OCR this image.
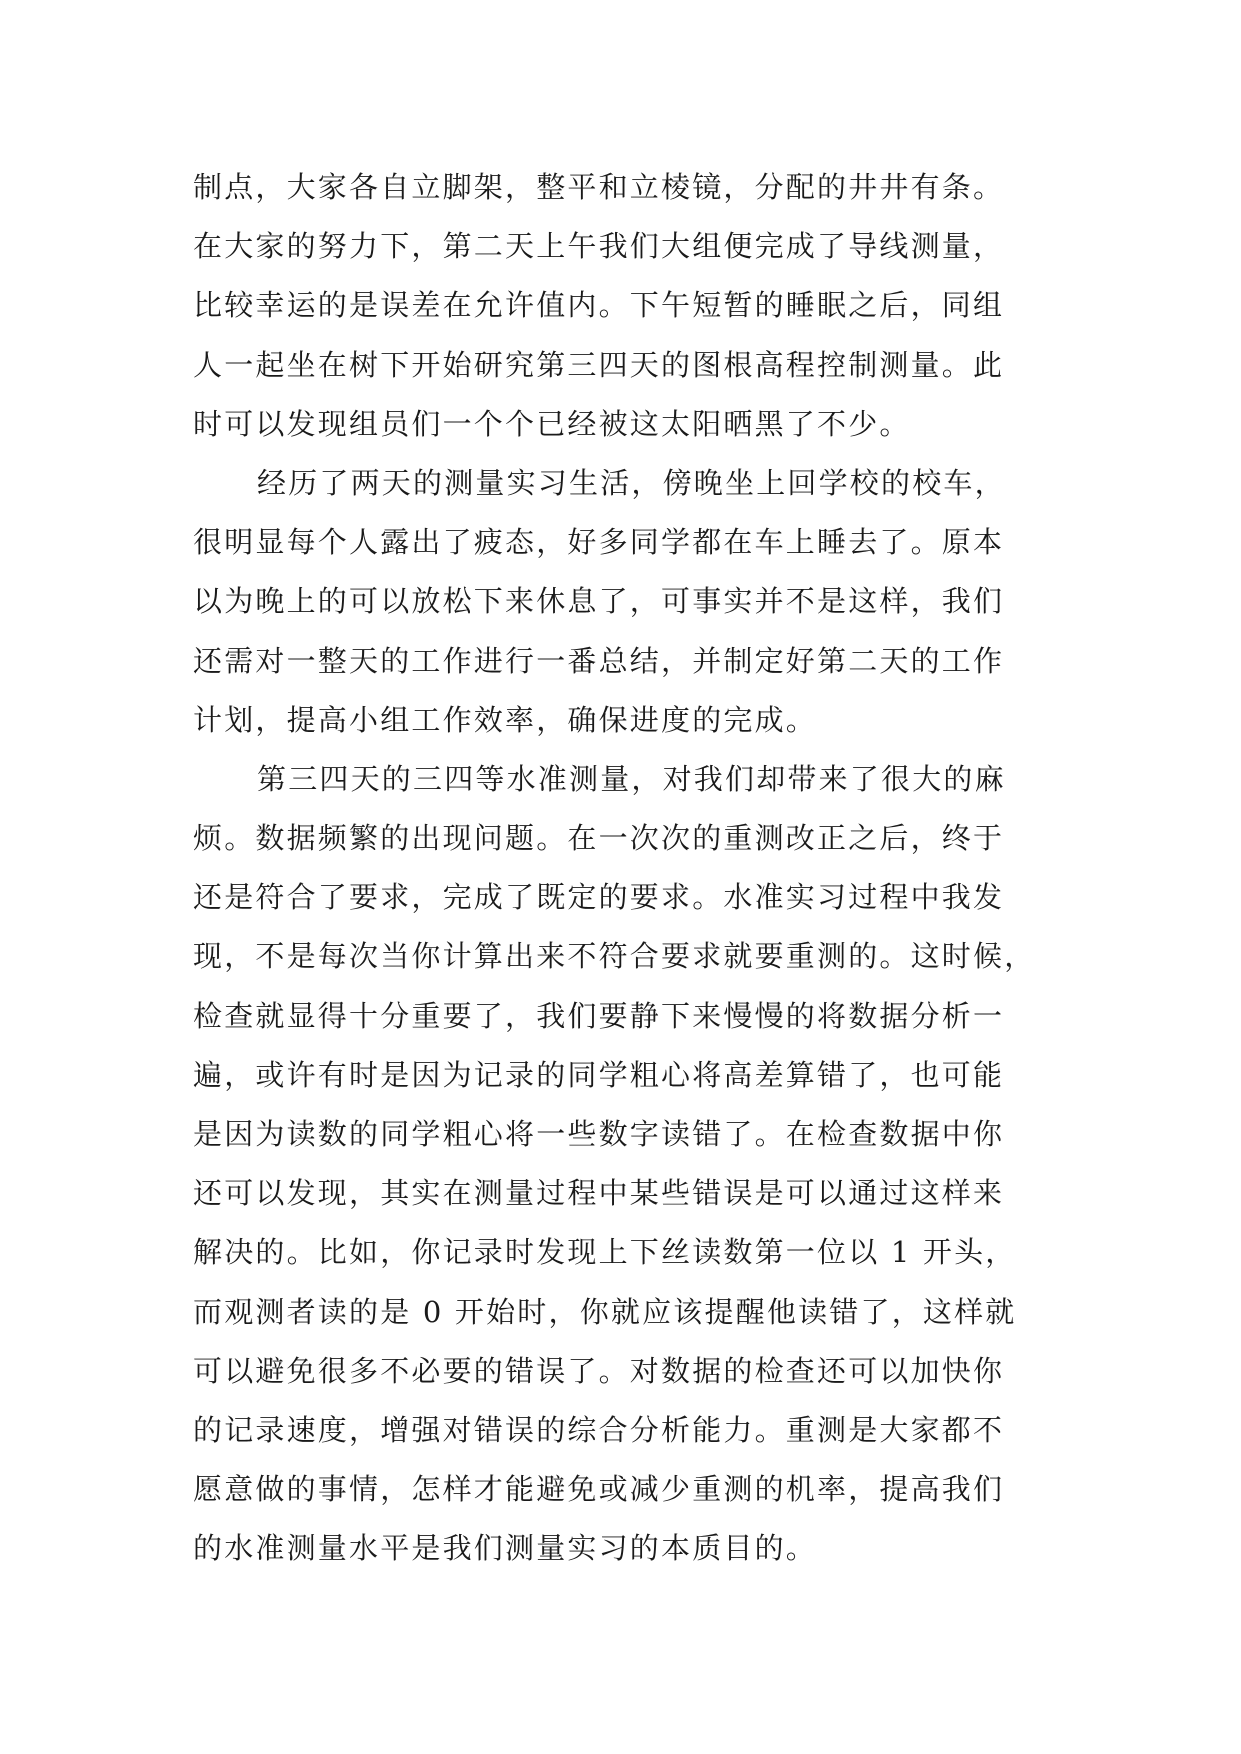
制点，大家各自立脚架，整平和立棱镜，分配的井井有条。
在大家的努力下，第二天上午我们大组便完成了导线测量，
比较幸运的是误差在允许值内。下午短暂的睡眠之后，同组
人一起坐在树下开始研究第三四天的图根高程控制测量。此
时可以发现组员们一个个已经被这太阳晒黑了不少。
经历了两天的测量实习生活，傍晚坐上回学校的校车，
很明显每个人露出了疲态，好多同学都在车上睡去了。原本
以为晚上的可以放松下来休息了，可事实并不是这样，我们
还需对一整天的工作进行一番总结，并制定好第二天的工作
计划，提高小组工作效率，确保进度的完成。
第三四天的三四等水准测量，对我们却带来了很大的麻
烦。数据频繁的出现问题。在一次次的重测改正之后，终于
还是符合了要求，完成了既定的要求。水准实习过程中我发
现，不是每次当你计算出来不符合要求就要重测的。这时候，
检查就显得十分重要了，我们要静下来慢慢的将数据分析一
遍，或许有时是因为记录的同学粗心将高差算错了，也可能
是因为读数的同学粗心将一些数字读错了。在检查数据中你
还可以发现，其实在测量过程中某些错误是可以通过这样来
解决的。比如，你记录时发现上下丝读数第一位以 1 开头，
而观测者读的是 0 开始时，你就应该提醒他读错了，这样就
可以避免很多不必要的错误了。对数据的检查还可以加快你
的记录速度，增强对错误的综合分析能力。重测是大家都不
愿意做的事情，怎样才能避免或减少重测的机率，提高我们
的水准测量水平是我们测量实习的本质目的。
